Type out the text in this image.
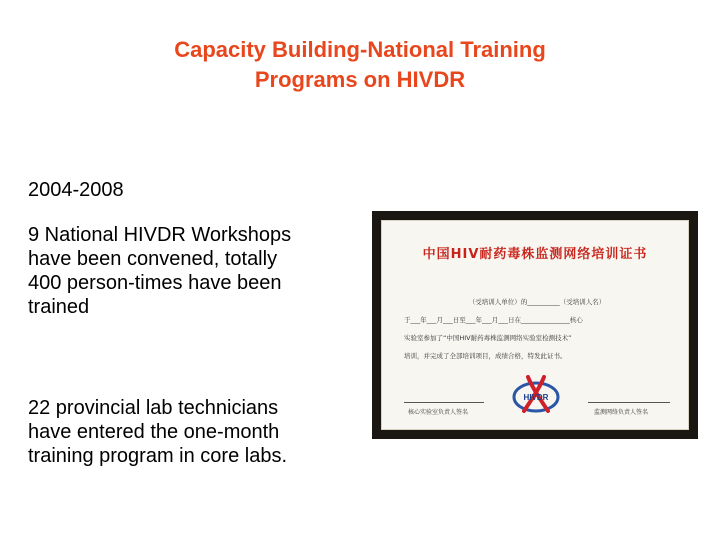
Capacity Building-National Training
Programs on HIVDR
2004-2008
9 National HIVDR Workshops
have been convened, totally
400 person-times have been
trained
22 provincial lab technicians
have entered the one-month
training program in core labs.
中国HIV耐药毒株监测网络培训证书
（受培训人单位）的__________（受培训人名）
于___年___月___日至___年___月___日在_______________核心
实验室参加了“中国HIV耐药毒株监测网络实验室检测技术”
培训，并完成了全部培训项目，成绩合格，特发此证书。
HIVDR
核心实验室负责人签名	监测网络负责人签名
